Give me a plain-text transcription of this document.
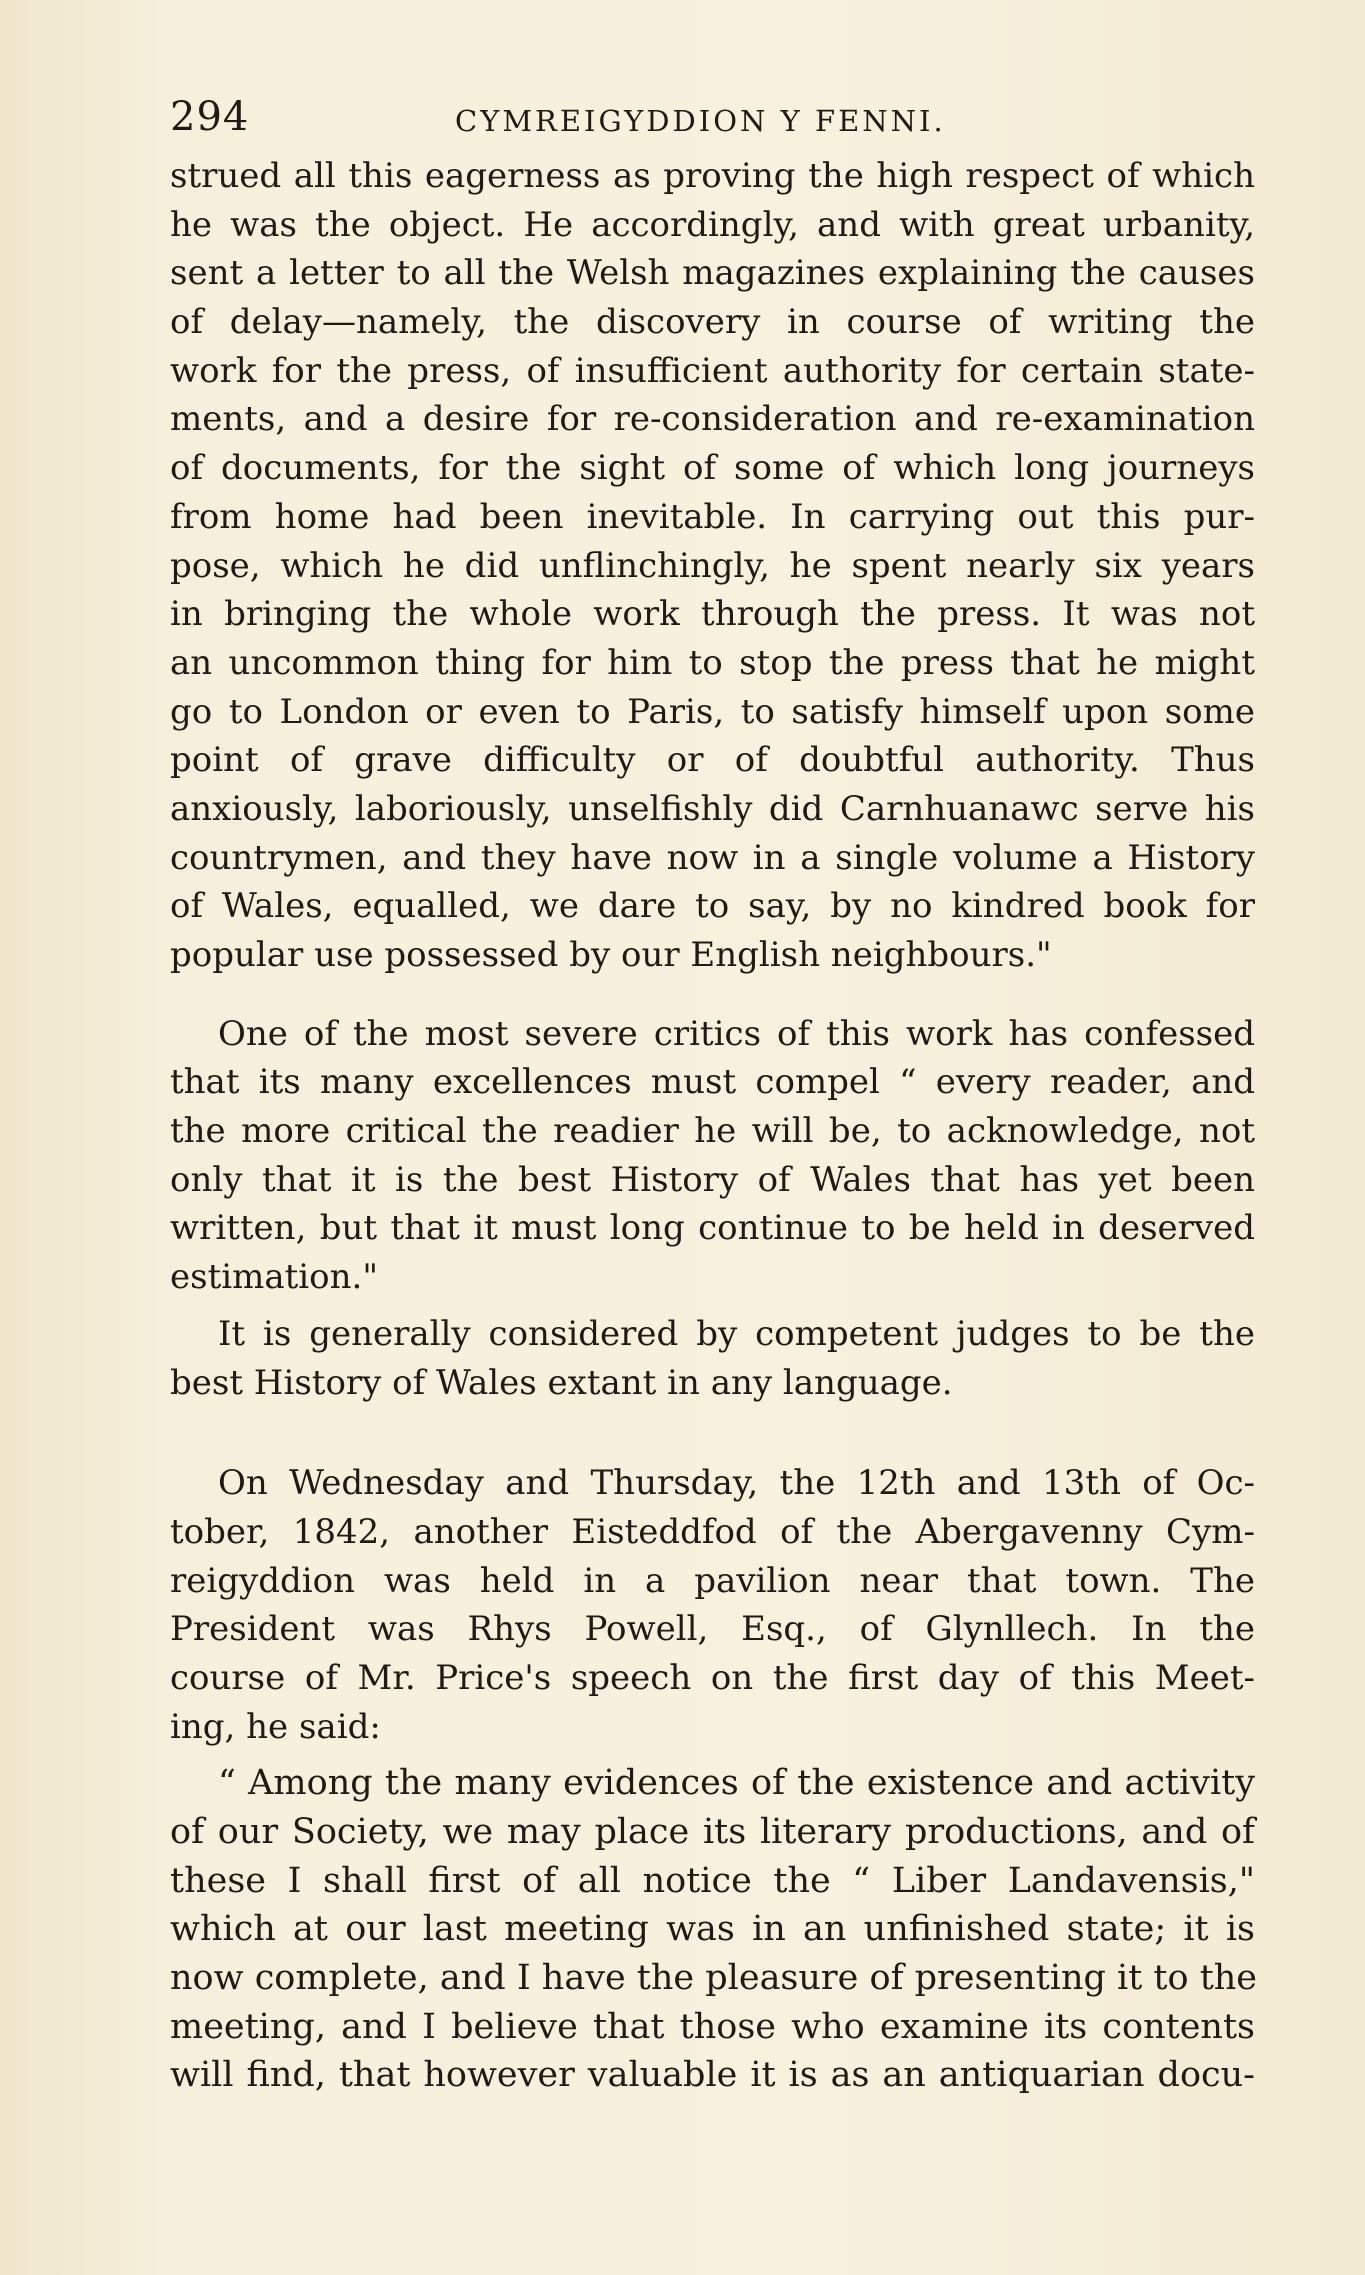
294	CYMREIGYDDION Y FENNI.
strued all this eagerness as proving the high respect of which
he was the object. He accordingly, and with great urbanity,
sent a letter to all the Welsh magazines explaining the causes
of delay—namely, the discovery in course of writing the
work for the press, of insufficient authority for certain state-
ments, and a desire for re-consideration and re-examination
of documents, for the sight of some of which long journeys
from home had been inevitable. In carrying out this pur-
pose, which he did unflinchingly, he spent nearly six years
in bringing the whole work through the press. It was not
an uncommon thing for him to stop the press that he might
go to London or even to Paris, to satisfy himself upon some
point of grave difficulty or of doubtful authority. Thus
anxiously, laboriously, unselfishly did Carnhuanawc serve his
countrymen, and they have now in a single volume a History
of Wales, equalled, we dare to say, by no kindred book for
popular use possessed by our English neighbours."
One of the most severe critics of this work has confessed
that its many excellences must compel “ every reader, and
the more critical the readier he will be, to acknowledge, not
only that it is the best History of Wales that has yet been
written, but that it must long continue to be held in deserved
estimation."
It is generally considered by competent judges to be the
best History of Wales extant in any language.
On Wednesday and Thursday, the 12th and 13th of Oc-
tober, 1842, another Eisteddfod of the Abergavenny Cym-
reigyddion was held in a pavilion near that town. The
President was Rhys Powell, Esq., of Glynllech. In the
course of Mr. Price's speech on the first day of this Meet-
ing, he said:
“ Among the many evidences of the existence and activity
of our Society, we may place its literary productions, and of
these I shall first of all notice the “ Liber Landavensis,"
which at our last meeting was in an unfinished state; it is
now complete, and I have the pleasure of presenting it to the
meeting, and I believe that those who examine its contents
will find, that however valuable it is as an antiquarian docu-
